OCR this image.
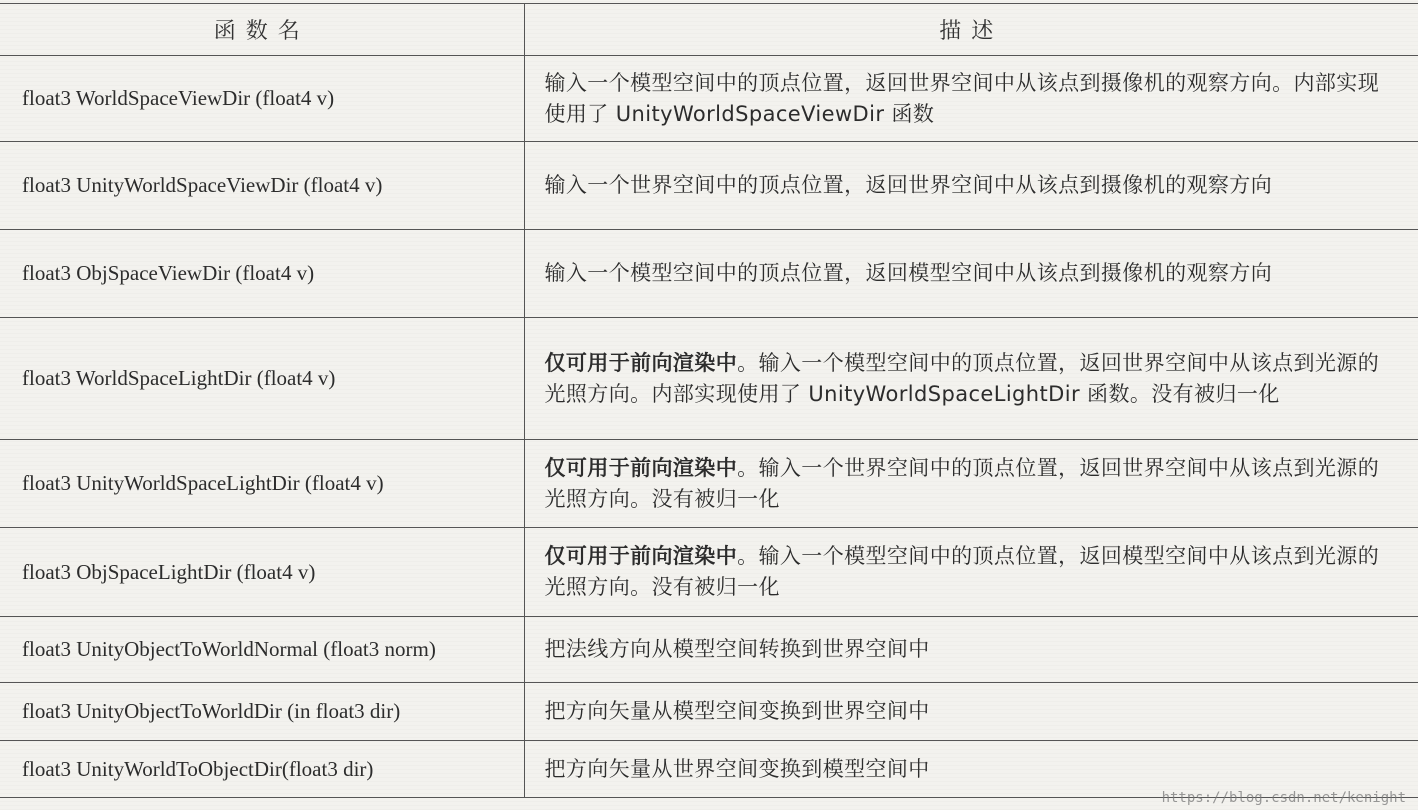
函数名	描述
float3 WorldSpaceViewDir (float4 v)	输入一个模型空间中的顶点位置，返回世界空间中从该点到摄像机的观察方向。内部实现使用了 UnityWorldSpaceViewDir 函数
float3 UnityWorldSpaceViewDir (float4 v)	输入一个世界空间中的顶点位置，返回世界空间中从该点到摄像机的观察方向
float3 ObjSpaceViewDir (float4 v)	输入一个模型空间中的顶点位置，返回模型空间中从该点到摄像机的观察方向
float3 WorldSpaceLightDir (float4 v)	仅可用于前向渲染中。输入一个模型空间中的顶点位置，返回世界空间中从该点到光源的光照方向。内部实现使用了 UnityWorldSpaceLightDir 函数。没有被归一化
float3 UnityWorldSpaceLightDir (float4 v)	仅可用于前向渲染中。输入一个世界空间中的顶点位置，返回世界空间中从该点到光源的光照方向。没有被归一化
float3 ObjSpaceLightDir (float4 v)	仅可用于前向渲染中。输入一个模型空间中的顶点位置，返回模型空间中从该点到光源的光照方向。没有被归一化
float3 UnityObjectToWorldNormal (float3 norm)	把法线方向从模型空间转换到世界空间中
float3 UnityObjectToWorldDir (in float3 dir)	把方向矢量从模型空间变换到世界空间中
float3 UnityWorldToObjectDir(float3 dir)	把方向矢量从世界空间变换到模型空间中
https://blog.csdn.net/kenight
